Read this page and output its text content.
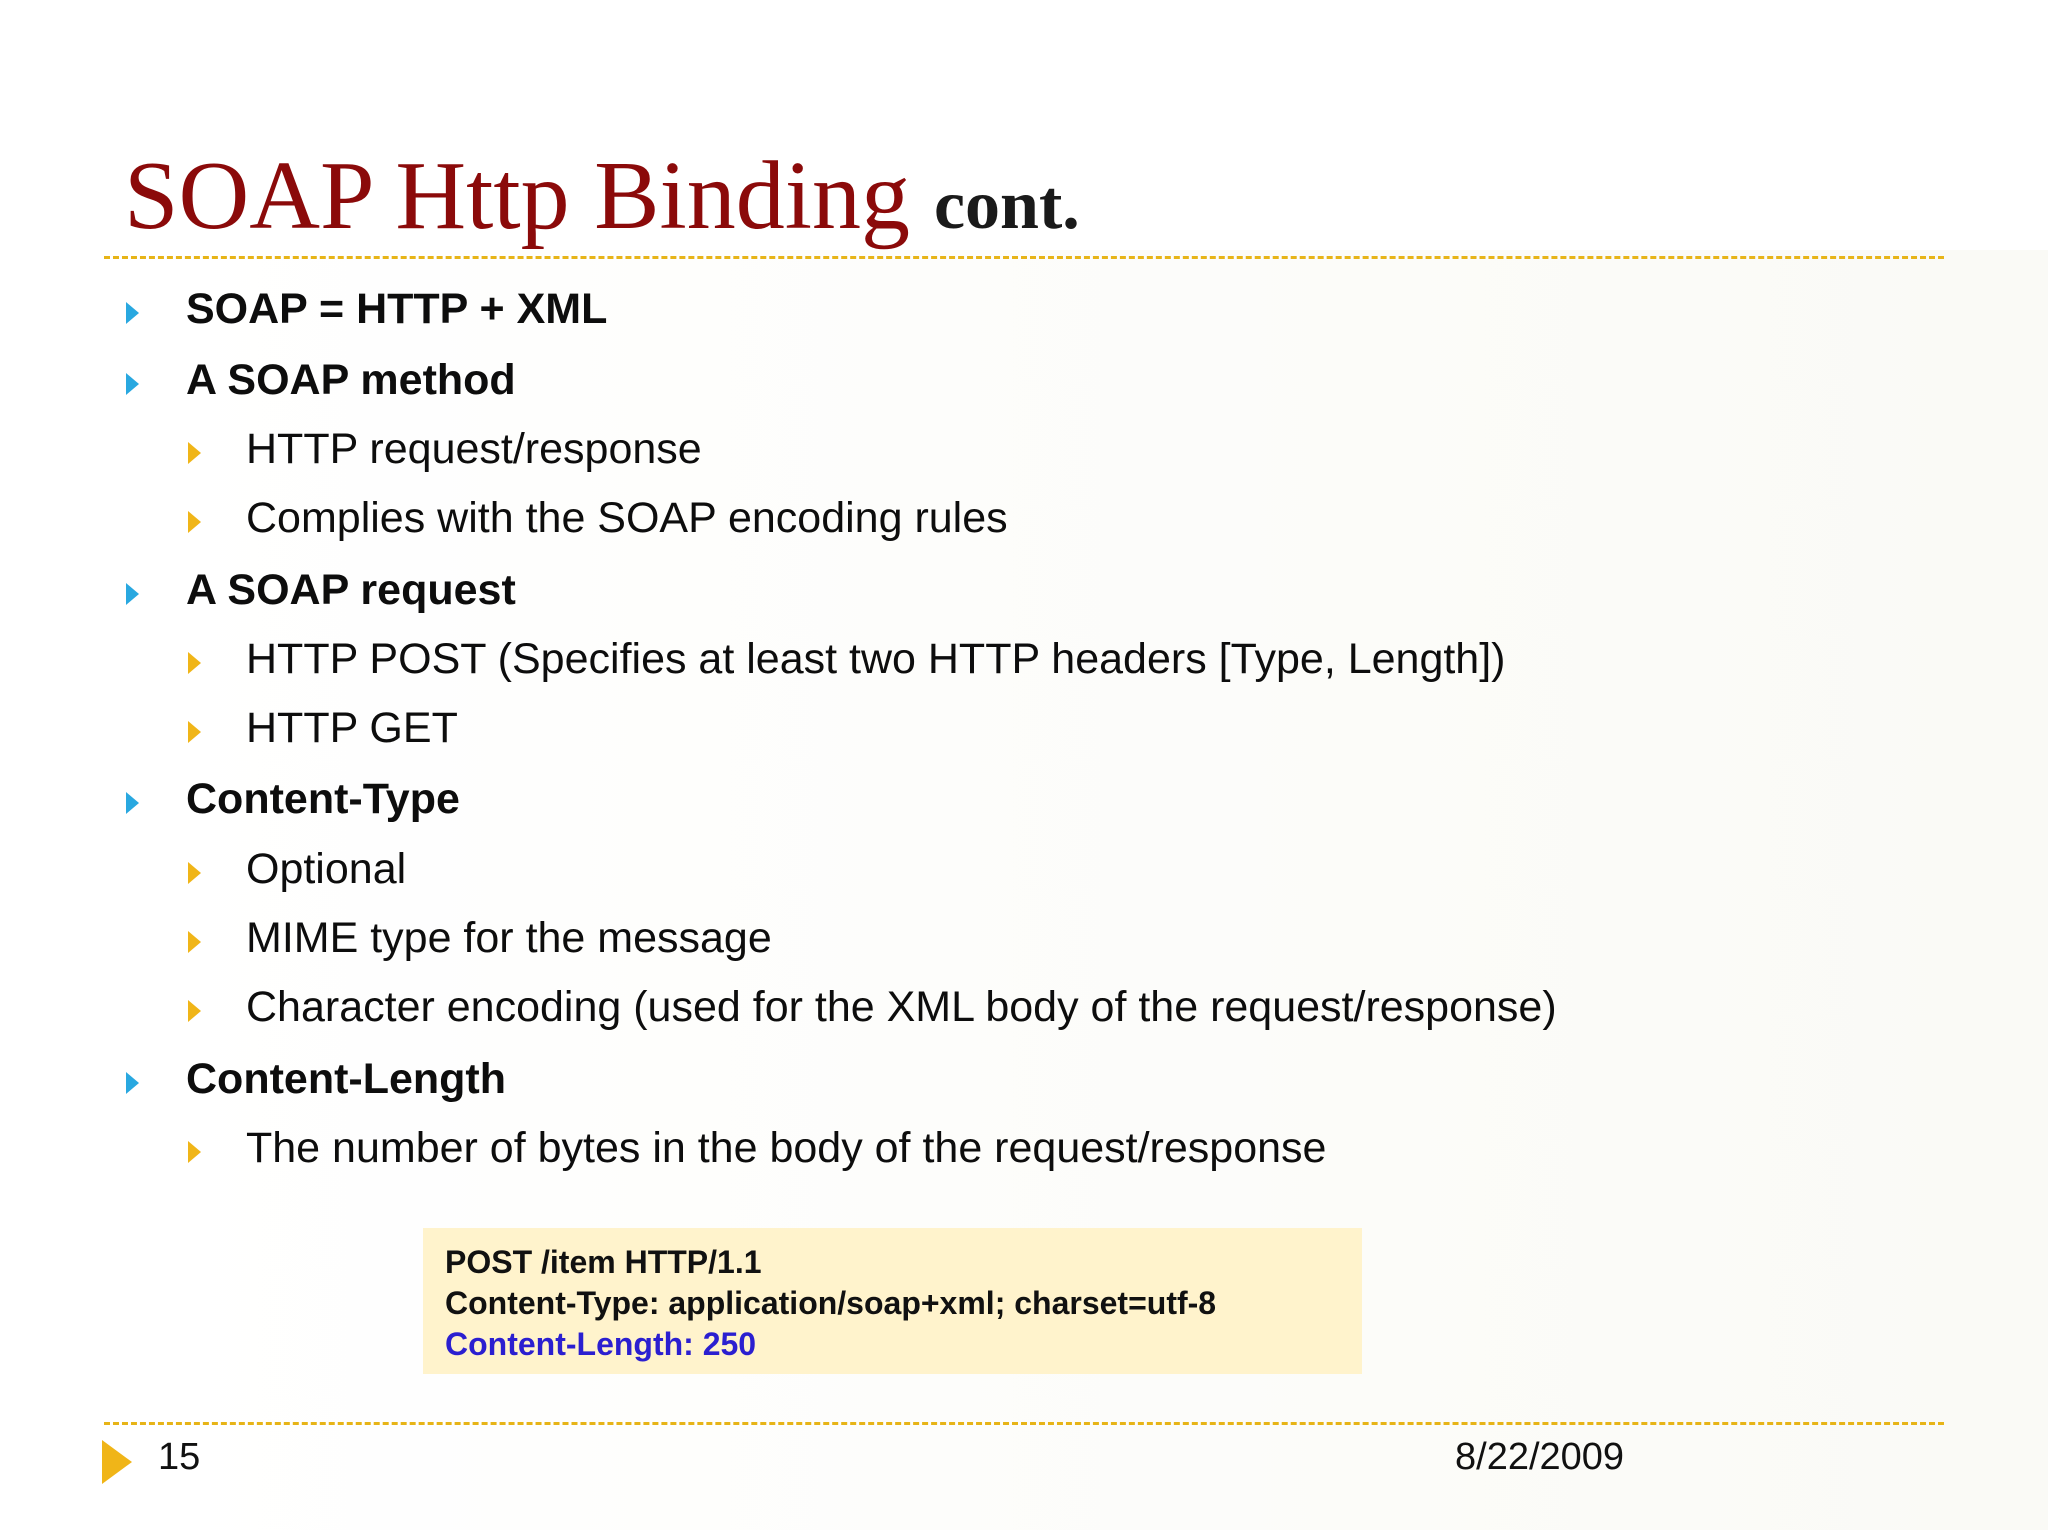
SOAP Http Binding cont.
SOAP = HTTP + XML
A SOAP method
HTTP request/response
Complies with the SOAP encoding rules
A SOAP request
HTTP POST (Specifies at least two HTTP headers [Type, Length])
HTTP GET
Content-Type
Optional
MIME type for the message
Character encoding (used for the XML body of the request/response)
Content-Length
The number of bytes in the body of the request/response
POST /item HTTP/1.1
Content-Type: application/soap+xml; charset=utf-8
Content-Length: 250
15	8/22/2009
